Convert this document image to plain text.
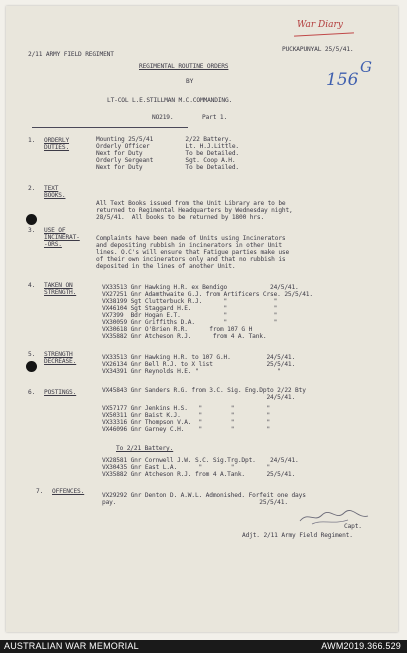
War Diary
156
G
2/11 ARMY FIELD REGIMENT
PUCKAPUNYAL 25/5/41.
REGIMENTAL ROUTINE ORDERS
BY
LT-COL L.E.STILLMAN M.C.COMMANDING.
NO219.	Part 1.
1. ORDERLY
DUTIES.
Mounting 25/5/41         2/22 Battery.
Orderly Officer          Lt. H.J.Little.
Next for Duty            To be Detailed.
Orderly Sergeant         Sgt. Coop A.H.
Next for Duty            To be Detailed.
2. TEXT
BOOKS.
All Text Books issued from the Unit Library are to be
returned to Regimental Headquarters by Wednesday night,
28/5/41.  All books to be returned by 1800 hrs.
3. USE OF
INCINERAT-
-ORS.
Complaints have been made of Units using Incinerators
and depositing rubbish in incinerators in other Unit
lines. O.C's will ensure that Fatigue parties make use
of their own incinerators only and that no rubbish is
deposited in the lines of another Unit.
4. TAKEN ON
STRENGTH.
VX33513 Gnr Hawking H.R. ex Bendigo            24/5/41.
VX27251 Gnr Adamthwaite G.J. from Artificers Crse. 25/5/41.
VX38199 Sgt Clutterbuck R.J.      "             "
VX46104 Sgt Staggard H.E.         "             "
VX7399  Bdr Hogan E.T.            "             "
VX30059 Gnr Griffiths D.A.        "             "
VX30618 Gnr O'Brien R.R.      from 107 G H
VX35882 Gnr Atcheson R.J.      from 4 A. Tank.
5. STRENGTH
DECREASE.
VX33513 Gnr Hawking H.R. to 107 G.H.          24/5/41.
VX26134 Gnr Bell R.J. to X list               25/5/41.
VX34391 Gnr Reynolds H.E. "                      "
6. POSTINGS.	VX45843 Gnr Sanders R.G. from 3.C. Sig. Eng.Dpto 2/22 Bty
24/5/41.
VX57177 Gnr Jenkins H.S.   "        "         "
VX50311 Gnr Baist K.J.     "        "         "
VX33316 Gnr Thompson V.A.  "        "         "
VX46096 Gnr Garney C.H.    "        "         "
To 2/21 Battery.
VX28581 Gnr Cornwell J.W. S.C. Sig.Trg.Dpt.    24/5/41.
VX30435 Gnr East L.A.      "        "         "
VX35882 Gnr Atcheson R.J. from 4 A.Tank.      25/5/41.
7. OFFENCES.
VX29292 Gnr Denton D. A.W.L. Admonished. Forfeit one days
pay.                                        25/5/41.
Capt.
Adjt. 2/11 Army Field Regiment.
AUSTRALIAN WAR MEMORIAL	AWM2019.366.529
